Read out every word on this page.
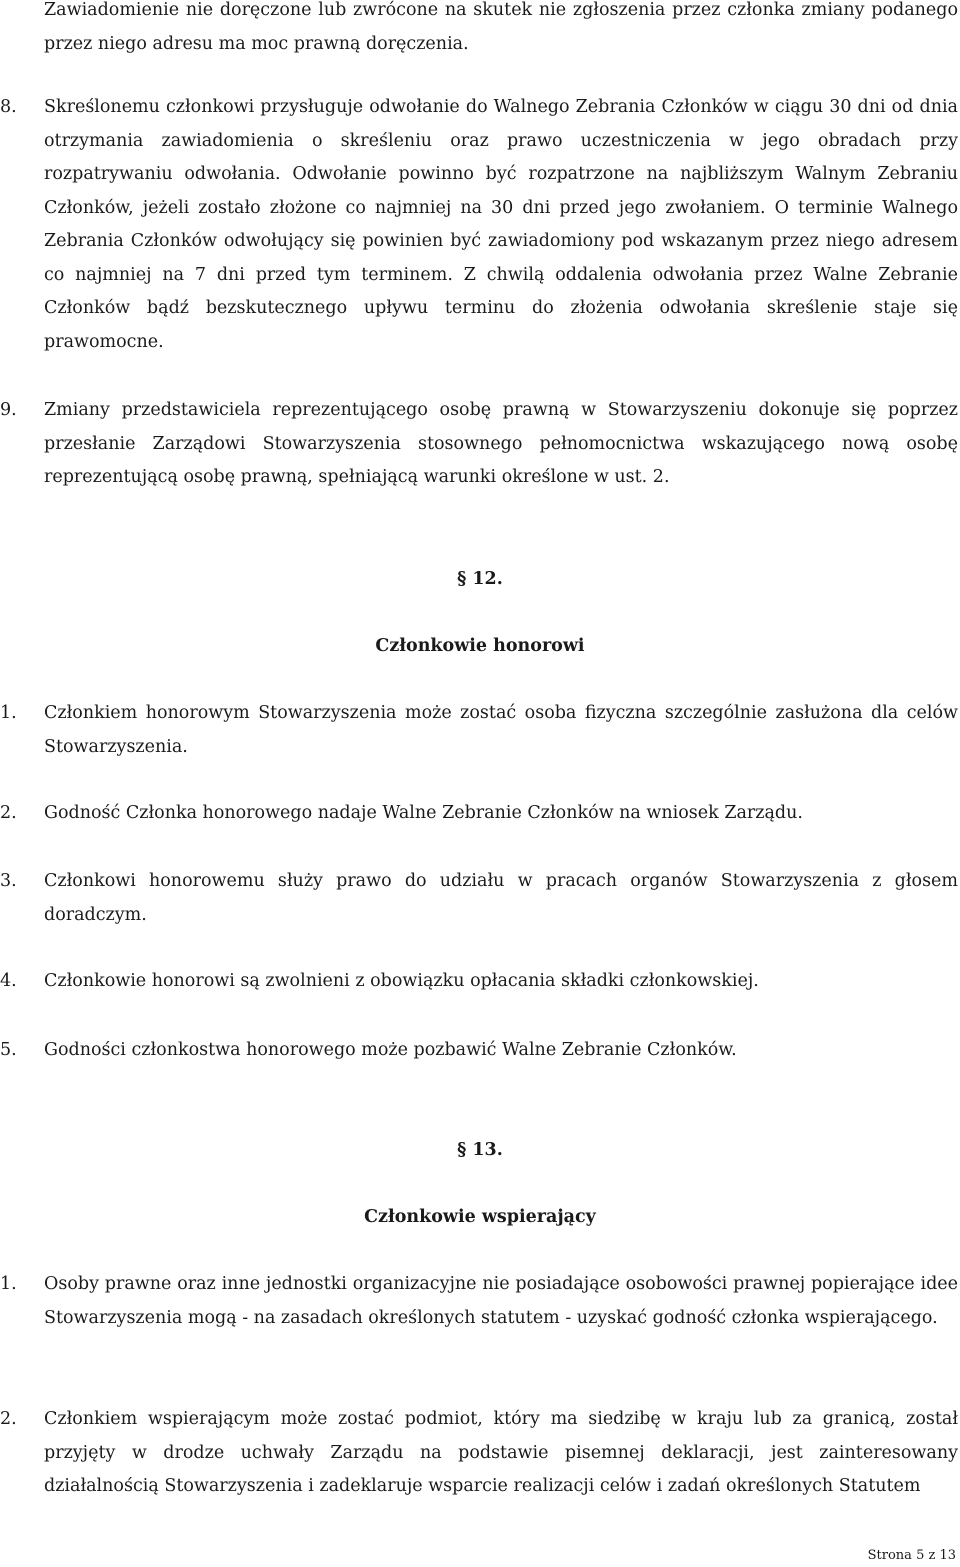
Zawiadomienie nie doręczone lub zwrócone na skutek nie zgłoszenia przez członka zmiany podanego przez niego adresu ma moc prawną doręczenia.

8. Skreślonemu członkowi przysługuje odwołanie do Walnego Zebrania Członków w ciągu 30 dni od dnia otrzymania zawiadomienia o skreśleniu oraz prawo uczestniczenia w jego obradach przy rozpatrywaniu odwołania. Odwołanie powinno być rozpatrzone na najbliższym Walnym Zebraniu Członków, jeżeli zostało złożone co najmniej na 30 dni przed jego zwołaniem. O terminie Walnego Zebrania Członków odwołujący się powinien być zawiadomiony pod wskazanym przez niego adresem co najmniej na 7 dni przed tym terminem. Z chwilą oddalenia odwołania przez Walne Zebranie Członków bądź bezskutecznego upływu terminu do złożenia odwołania skreślenie staje się prawomocne.

9. Zmiany przedstawiciela reprezentującego osobę prawną w Stowarzyszeniu dokonuje się poprzez przesłanie Zarządowi Stowarzyszenia stosownego pełnomocnictwa wskazującego nową osobę reprezentującą osobę prawną, spełniającą warunki określone w ust. 2.

§ 12.

Członkowie honorowi

1. Członkiem honorowym Stowarzyszenia może zostać osoba fizyczna szczególnie zasłużona dla celów Stowarzyszenia.

2. Godność Członka honorowego nadaje Walne Zebranie Członków na wniosek Zarządu.

3. Członkowi honorowemu służy prawo do udziału w pracach organów Stowarzyszenia z głosem doradczym.

4. Członkowie honorowi są zwolnieni z obowiązku opłacania składki członkowskiej.

5. Godności członkostwa honorowego może pozbawić Walne Zebranie Członków.

§ 13.

Członkowie wspierający

1. Osoby prawne oraz inne jednostki organizacyjne nie posiadające osobowości prawnej popierające idee Stowarzyszenia mogą - na zasadach określonych statutem - uzyskać godność członka wspierającego.

2. Członkiem wspierającym może zostać podmiot, który ma siedzibę w kraju lub za granicą, został przyjęty w drodze uchwały Zarządu na podstawie pisemnej deklaracji, jest zainteresowany działalnością Stowarzyszenia i zadeklaruje wsparcie realizacji celów i zadań określonych Statutem

Strona 5 z 13
